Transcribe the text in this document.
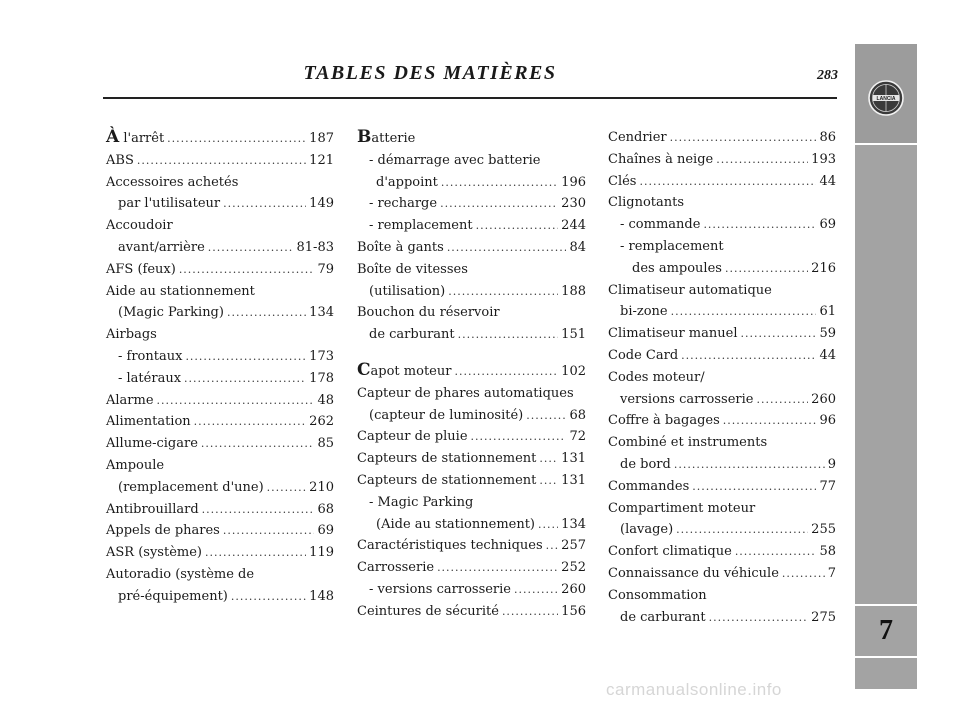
TABLES DES MATIÈRES	283
LANCIA
7
À l'arrêt .....	187
ABS .....	121
Accessoires achetés
par l'utilisateur .....	149
Accoudoir
avant/arrière .....	81-83
AFS (feux) .....	79
Aide au stationnement
(Magic Parking) .....	134
Airbags
- frontaux .....	173
- latéraux .....	178
Alarme .....	48
Alimentation .....	262
Allume-cigare .....	85
Ampoule
(remplacement d'une) .....	210
Antibrouillard .....	68
Appels de phares .....	69
ASR (système) .....	119
Autoradio (système de
pré-équipement) .....	148
Batterie
- démarrage avec batterie
d'appoint .....	196
- recharge .....	230
- remplacement .....	244
Boîte à gants .....	84
Boîte de vitesses
(utilisation) .....	188
Bouchon du réservoir
de carburant .....	151
Capot moteur .....	102
Capteur de phares automatiques
(capteur de luminosité) .....	68
Capteur de pluie .....	72
Capteurs de stationnement ..... 131
Capteurs de stationnement ..... 131
- Magic Parking
(Aide au stationnement) ..... 134
Caractéristiques techniques ..... 257
Carrosserie .....	252
- versions carrosserie .....	260
Ceintures de sécurité .....	156
Cendrier .....	86
Chaînes à neige .....	193
Clés .....	44
Clignotants
- commande .....	69
- remplacement
des ampoules .....	216
Climatiseur automatique
bi-zone .....	61
Climatiseur manuel .....	59
Code Card .....	44
Codes moteur/
versions carrosserie .....	260
Coffre à bagages .....	96
Combiné et instruments
de bord .....	9
Commandes .....	77
Compartiment moteur
(lavage) .....	255
Confort climatique .....	58
Connaissance du véhicule .....	7
Consommation
de carburant .....	275
carmanualsonline.info
